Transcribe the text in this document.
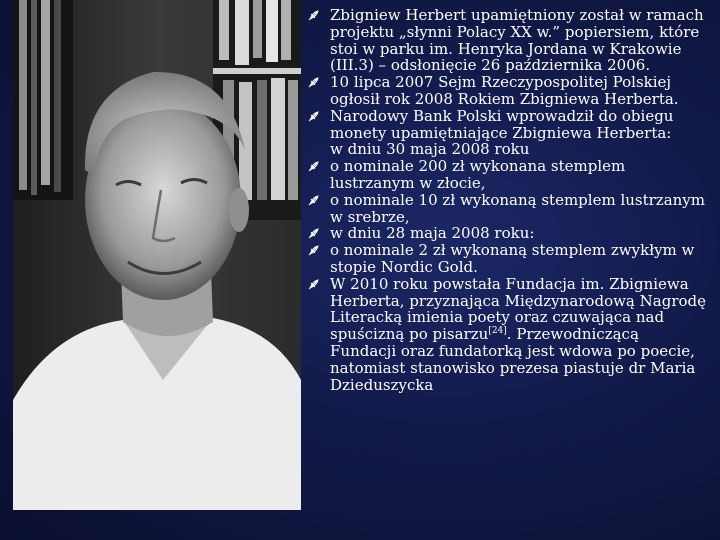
Zbigniew Herbert upamiętniony został w ramach projektu „słynni Polacy XX w.” popiersiem, które stoi w parku im. Henryka Jordana w Krakowie (III.3) – odsłonięcie 26 października 2006.
10 lipca 2007 Sejm Rzeczypospolitej Polskiej ogłosił rok 2008 Rokiem Zbigniewa Herberta.
Narodowy Bank Polski wprowadził do obiegu monety upamiętniające Zbigniewa Herberta:
w dniu 30 maja 2008 roku
o nominale 200 zł wykonana stemplem lustrzanym w złocie,
o nominale 10 zł wykonaną stemplem lustrzanym w srebrze,
w dniu 28 maja 2008 roku:
o nominale 2 zł wykonaną stemplem zwykłym w stopie Nordic Gold.
W 2010 roku powstała Fundacja im. Zbigniewa Herberta, przyznająca Międzynarodową Nagrodę Literacką imienia poety oraz czuwająca nad spuścizną po pisarzu[24]. Przewodniczącą Fundacji oraz fundatorką jest wdowa po poecie, natomiast stanowisko prezesa piastuje dr Maria Dzieduszycka
